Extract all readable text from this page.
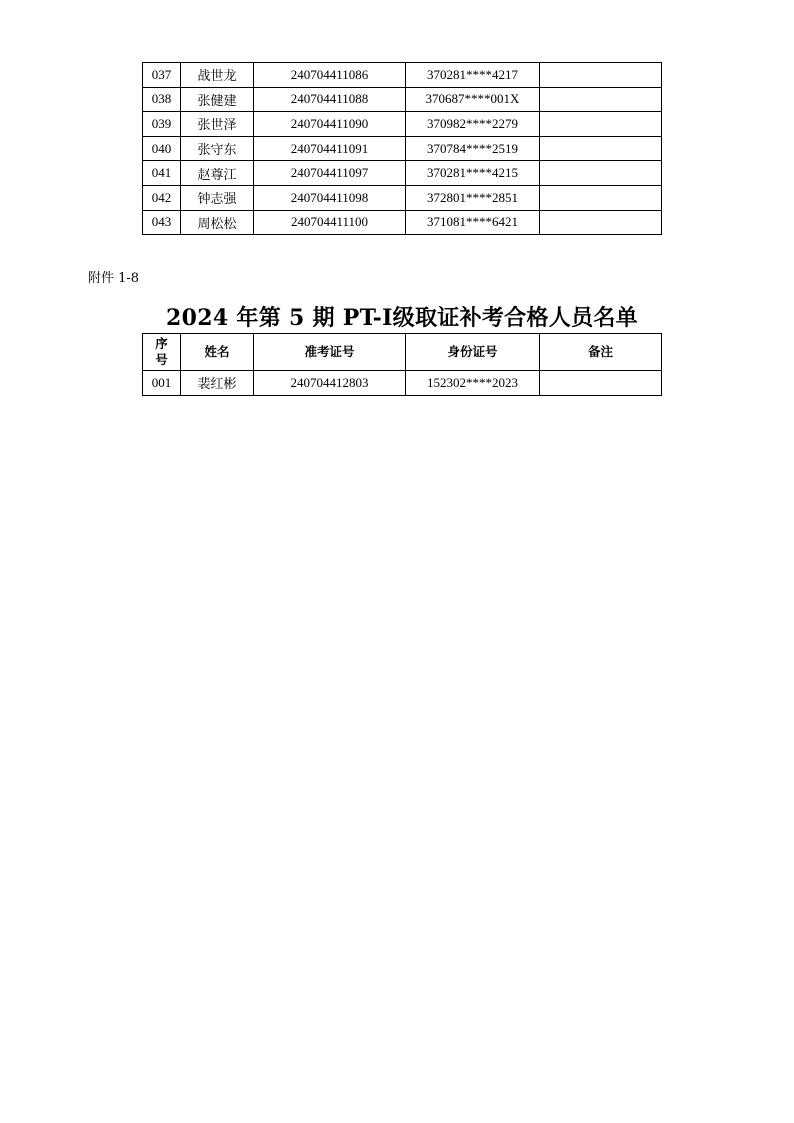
037	战世龙	240704411086	370281****4217	
038	张健建	240704411088	370687****001X	
039	张世泽	240704411090	370982****2279	
040	张守东	240704411091	370784****2519	
041	赵尊江	240704411097	370281****4215	
042	钟志强	240704411098	372801****2851	
043	周松松	240704411100	371081****6421	
附件 1-8
2024 年第 5 期 PT-Ⅰ级取证补考合格人员名单
序
号	姓名	准考证号	身份证号	备注
001	裴红彬	240704412803	152302****2023	
